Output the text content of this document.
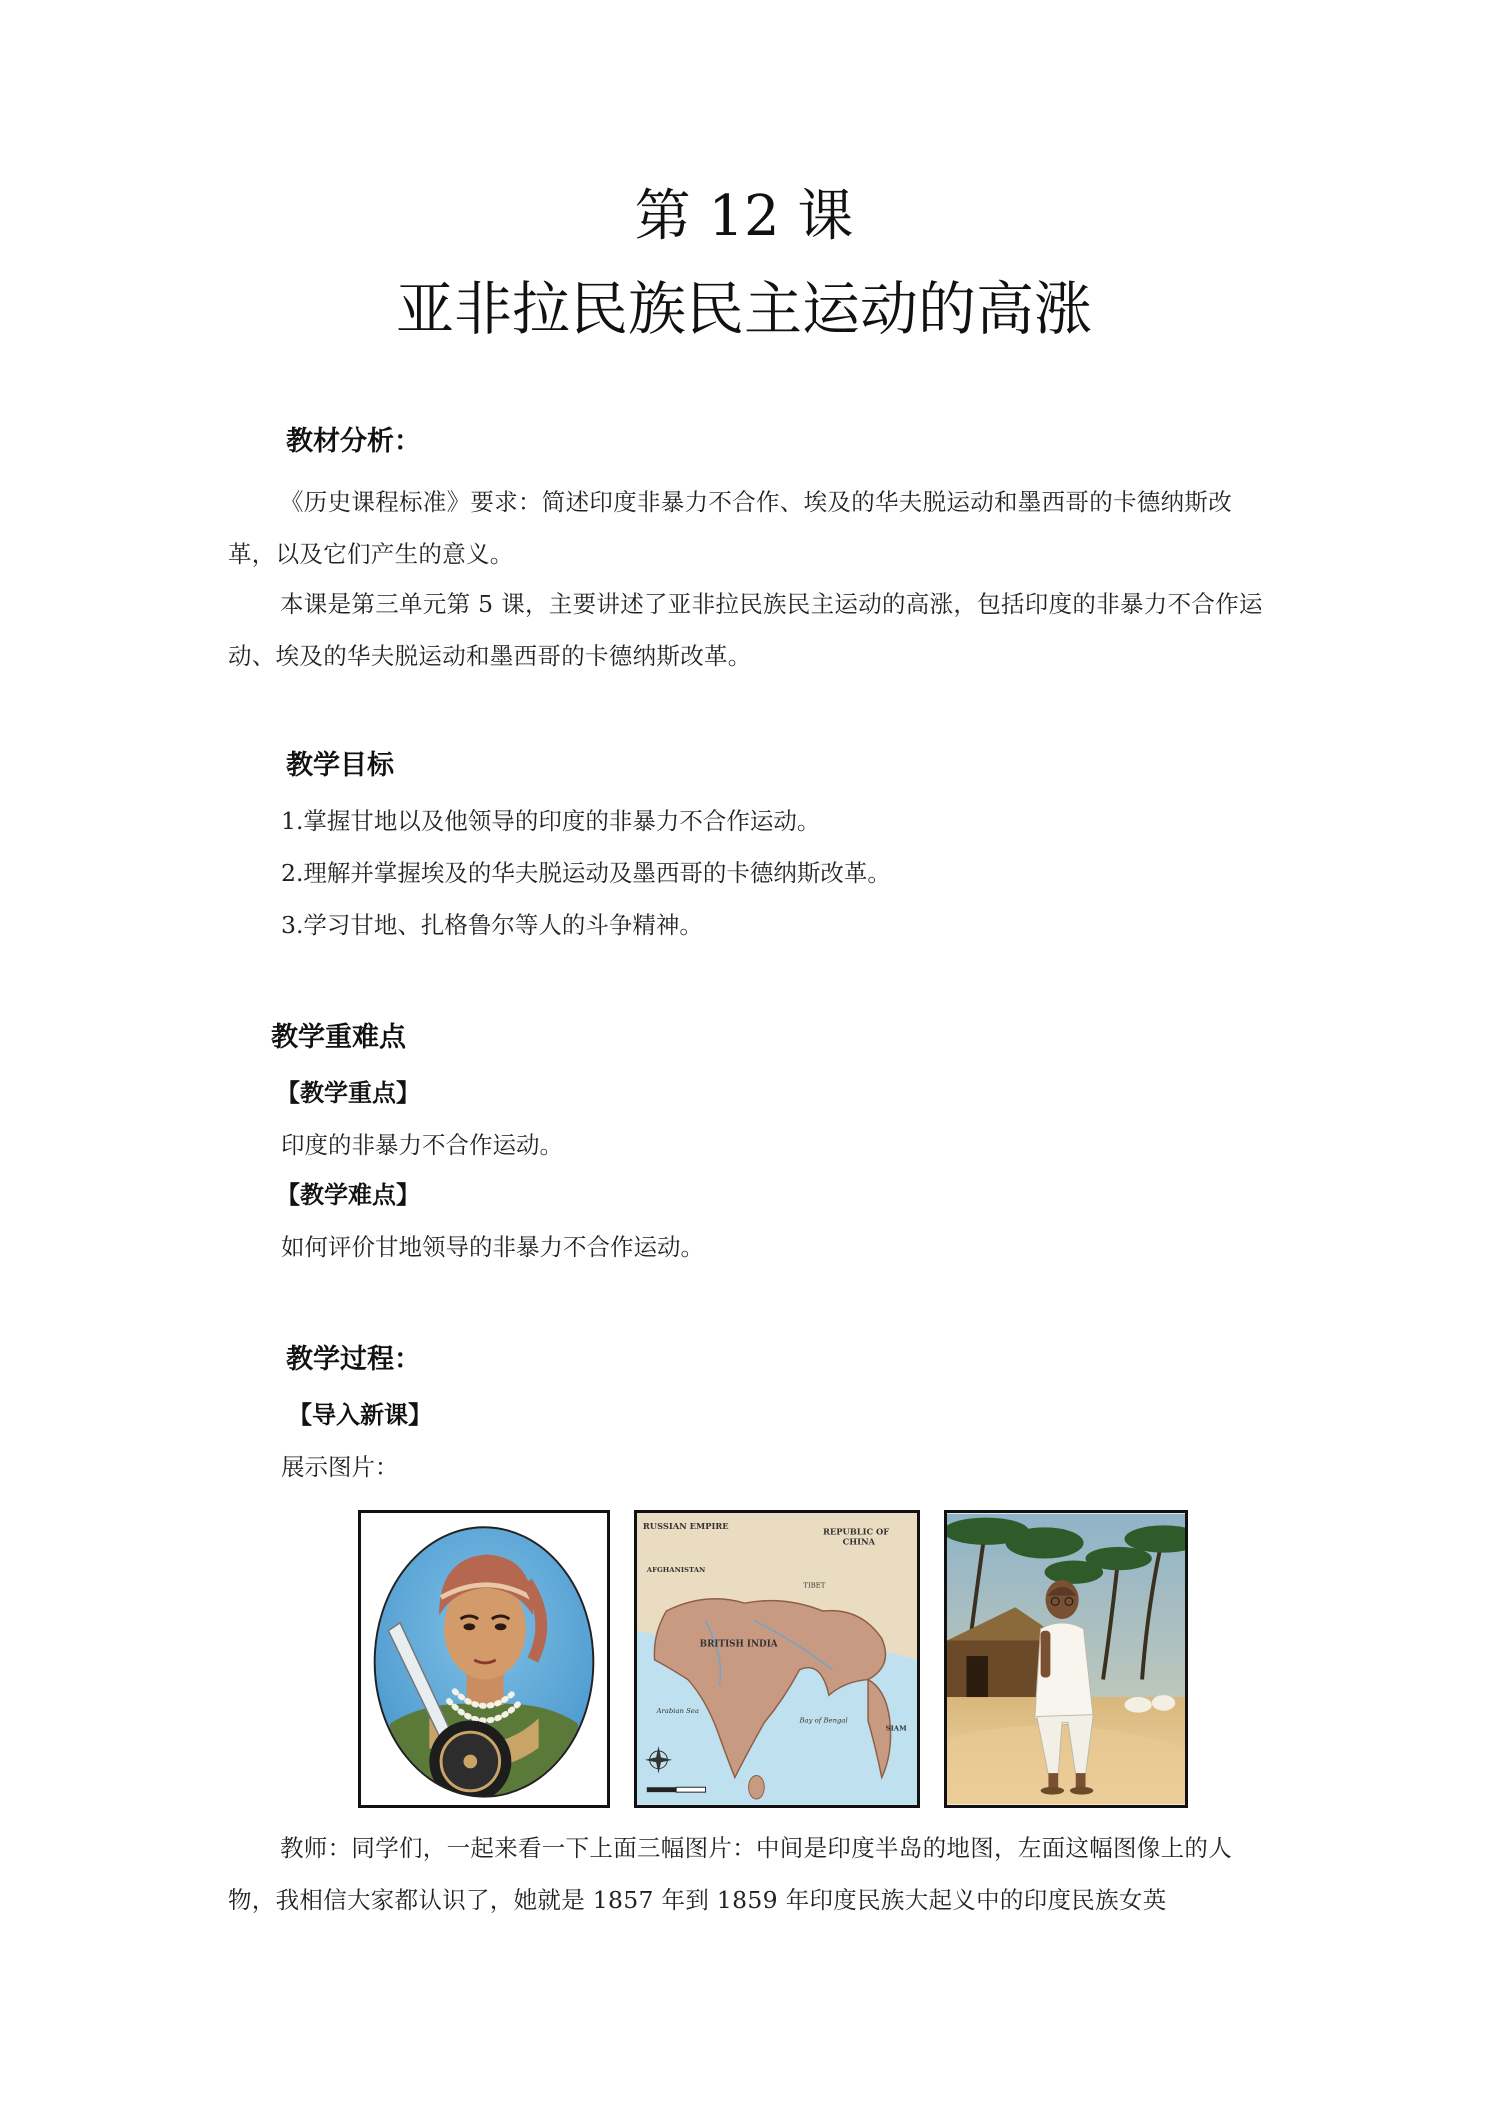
第 12 课
亚非拉民族民主运动的高涨
教材分析：
《历史课程标准》要求：简述印度非暴力不合作、埃及的华夫脱运动和墨西哥的卡德纳斯改革，以及它们产生的意义。
本课是第三单元第 5 课，主要讲述了亚非拉民族民主运动的高涨，包括印度的非暴力不合作运动、埃及的华夫脱运动和墨西哥的卡德纳斯改革。
教学目标
1.掌握甘地以及他领导的印度的非暴力不合作运动。
2.理解并掌握埃及的华夫脱运动及墨西哥的卡德纳斯改革。
3.学习甘地、扎格鲁尔等人的斗争精神。
教学重难点
【教学重点】
印度的非暴力不合作运动。
【教学难点】
如何评价甘地领导的非暴力不合作运动。
教学过程：
【导入新课】
展示图片：
RUSSIAN EMPIRE
REPUBLIC OF
CHINA
AFGHANISTAN
TIBET
BRITISH INDIA
Arabian Sea
Bay of Bengal
SIAM
教师：同学们，一起来看一下上面三幅图片：中间是印度半岛的地图，左面这幅图像上的人物，我相信大家都认识了，她就是 1857 年到 1859 年印度民族大起义中的印度民族女英
